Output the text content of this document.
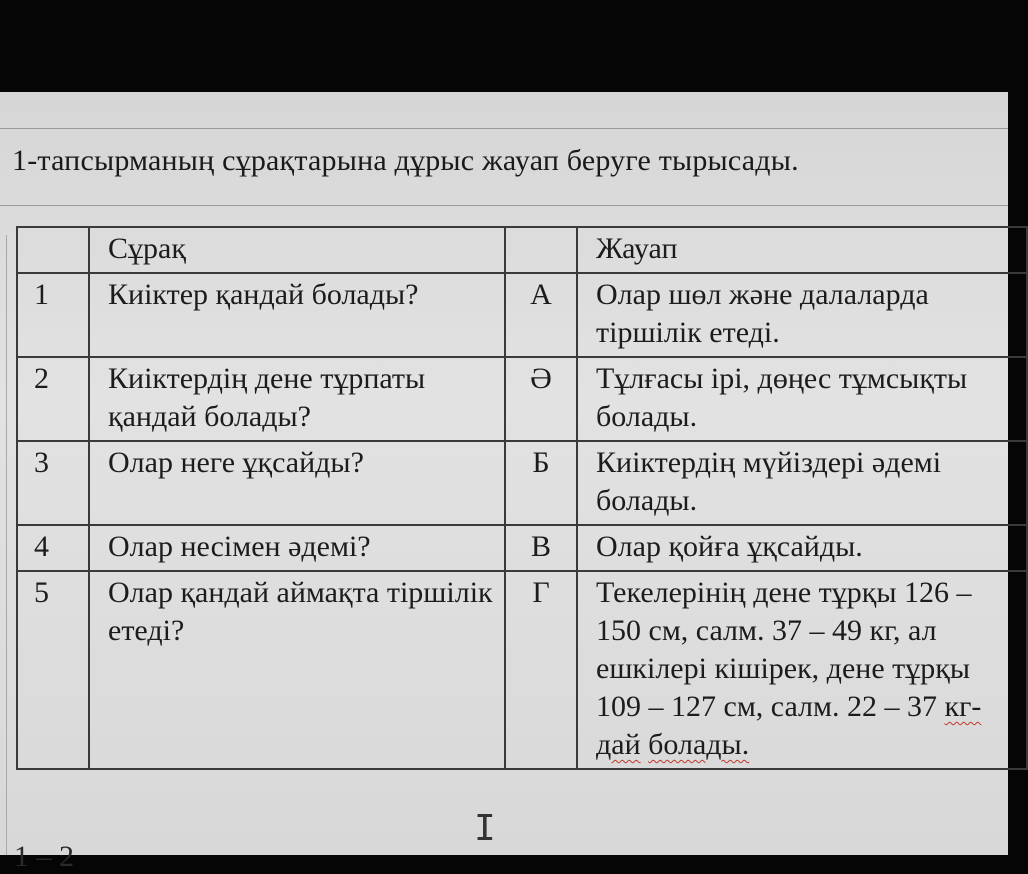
1-тапсырманың сұрақтарына дұрыс жауап беруге тырысады.
	Сұрақ		Жауап
1	Киіктер қандай болады?	А	Олар шөл және далаларда тіршілік етеді.
2	Киіктердің дене тұрпаты қандай болады?	Ә	Тұлғасы ірі, дөңес тұмсықты болады.
3	Олар неге ұқсайды?	Б	Киіктердің мүйіздері әдемі болады.
4	Олар несімен әдемі?	В	Олар қойға ұқсайды.
5	Олар қандай аймақта тіршілік етеді?	Г	Текелерінің дене тұрқы 126 – 150 см, салм. 37 – 49 кг, ал ешкілері кішірек, дене тұрқы 109 – 127 см, салм. 22 – 37 кг-дай болады.
I
1 – 2
